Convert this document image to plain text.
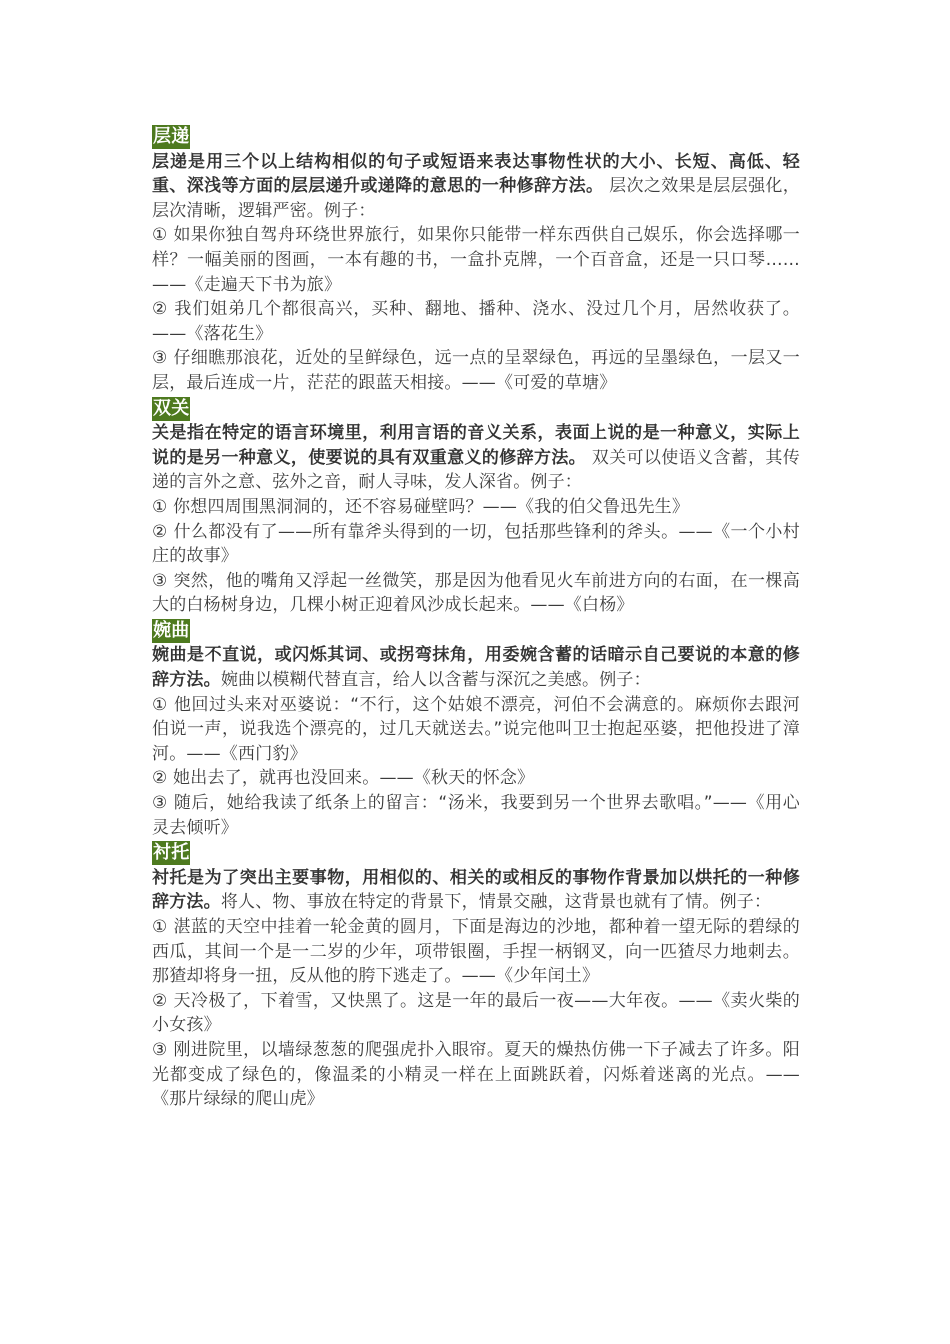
层递

层递是用三个以上结构相似的句子或短语来表达事物性状的大小、长短、高低、轻重、深浅等方面的层层递升或递降的意思的一种修辞方法。 层次之效果是层层强化，层次清晰，逻辑严密。例子：

① 如果你独自驾舟环绕世界旅行，如果你只能带一样东西供自己娱乐，你会选择哪一样？一幅美丽的图画，一本有趣的书，一盒扑克牌，一个百音盒，还是一只口琴…… ——《走遍天下书为旅》

② 我们姐弟几个都很高兴，买种、翻地、播种、浇水、没过几个月，居然收获了。——《落花生》

③ 仔细瞧那浪花，近处的呈鲜绿色，远一点的呈翠绿色，再远的呈墨绿色，一层又一层，最后连成一片，茫茫的跟蓝天相接。——《可爱的草塘》

双关

关是指在特定的语言环境里，利用言语的音义关系，表面上说的是一种意义，实际上说的是另一种意义，使要说的具有双重意义的修辞方法。 双关可以使语义含蓄，其传递的言外之意、弦外之音，耐人寻味，发人深省。例子：

① 你想四周围黑洞洞的，还不容易碰壁吗？——《我的伯父鲁迅先生》

② 什么都没有了——所有靠斧头得到的一切，包括那些锋利的斧头。——《一个小村庄的故事》

③ 突然，他的嘴角又浮起一丝微笑，那是因为他看见火车前进方向的右面，在一棵高大的白杨树身边，几棵小树正迎着风沙成长起来。——《白杨》

婉曲

婉曲是不直说，或闪烁其词、或拐弯抹角，用委婉含蓄的话暗示自己要说的本意的修辞方法。婉曲以模糊代替直言，给人以含蓄与深沉之美感。例子：

① 他回过头来对巫婆说：“不行，这个姑娘不漂亮，河伯不会满意的。麻烦你去跟河伯说一声，说我选个漂亮的，过几天就送去。”说完他叫卫士抱起巫婆，把他投进了漳河。——《西门豹》

② 她出去了，就再也没回来。——《秋天的怀念》

③ 随后，她给我读了纸条上的留言：“汤米，我要到另一个世界去歌唱。”——《用心灵去倾听》

衬托

衬托是为了突出主要事物，用相似的、相关的或相反的事物作背景加以烘托的一种修辞方法。将人、物、事放在特定的背景下，情景交融，这背景也就有了情。例子：

① 湛蓝的天空中挂着一轮金黄的圆月，下面是海边的沙地，都种着一望无际的碧绿的西瓜，其间一个是一二岁的少年，项带银圈，手捏一柄钢叉，向一匹猹尽力地刺去。那猹却将身一扭，反从他的胯下逃走了。——《少年闰土》

② 天冷极了，下着雪，又快黑了。这是一年的最后一夜——大年夜。——《卖火柴的小女孩》

③ 刚进院里，以墙绿葱葱的爬强虎扑入眼帘。夏天的燥热仿佛一下子减去了许多。阳光都变成了绿色的，像温柔的小精灵一样在上面跳跃着，闪烁着迷离的光点。——《那片绿绿的爬山虎》
